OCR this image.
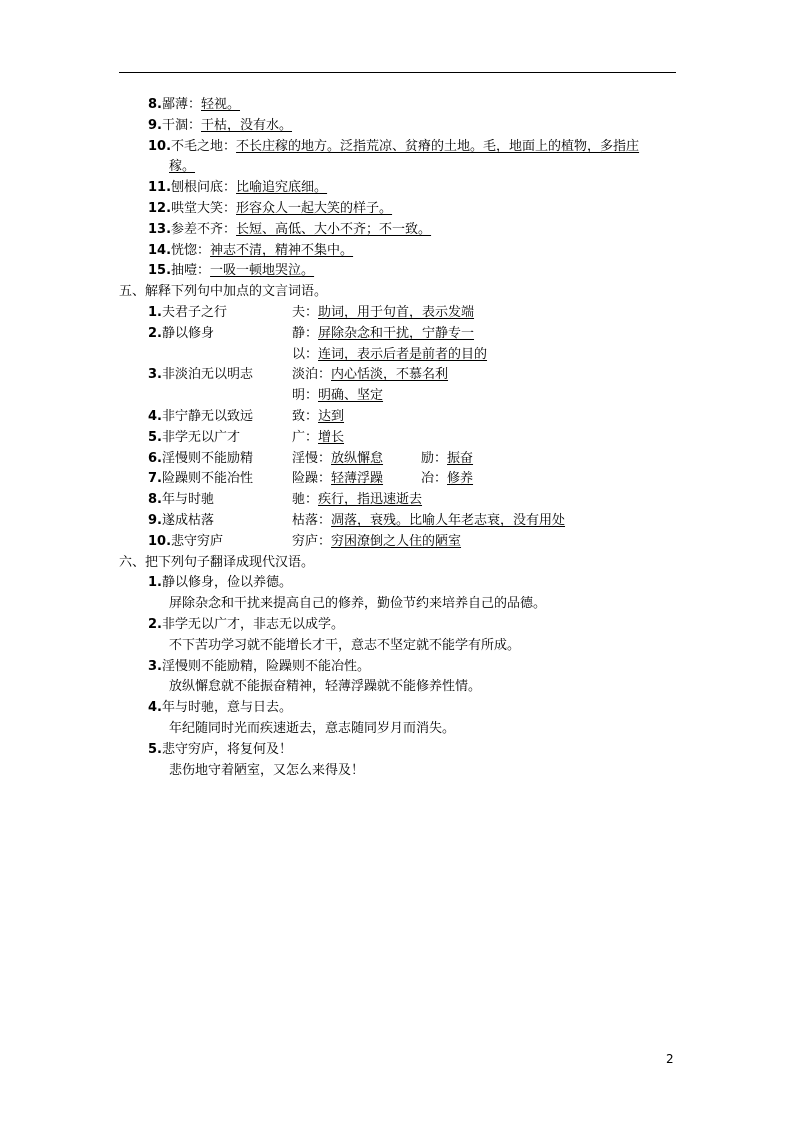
8.鄙薄：轻视。
9.干涸：干枯，没有水。
10.不毛之地：不长庄稼的地方。泛指荒凉、贫瘠的土地。毛，地面上的植物，多指庄
稼。
11.刨根问底：比喻追究底细。
12.哄堂大笑：形容众人一起大笑的样子。
13.参差不齐：长短、高低、大小不齐；不一致。
14.恍惚：神志不清，精神不集中。
15.抽噎：一吸一顿地哭泣。
五、解释下列句中加点的文言词语。
1.夫君子之行	夫：助词，用于句首，表示发端
2.静以修身	静：屏除杂念和干扰，宁静专一
以：连词，表示后者是前者的目的
3.非淡泊无以明志	淡泊：内心恬淡，不慕名利
明：明确、坚定
4.非宁静无以致远	致：达到
5.非学无以广才	广：增长
6.淫慢则不能励精	淫慢：放纵懈怠	励：振奋
7.险躁则不能冶性	险躁：轻薄浮躁	冶：修养
8.年与时驰	驰：疾行，指迅速逝去
9.遂成枯落	枯落：凋落，衰残。比喻人年老志衰，没有用处
10.悲守穷庐	穷庐：穷困潦倒之人住的陋室
六、把下列句子翻译成现代汉语。
1.静以修身，俭以养德。
屏除杂念和干扰来提高自己的修养，勤俭节约来培养自己的品德。
2.非学无以广才，非志无以成学。
不下苦功学习就不能增长才干，意志不坚定就不能学有所成。
3.淫慢则不能励精，险躁则不能冶性。
放纵懈怠就不能振奋精神，轻薄浮躁就不能修养性情。
4.年与时驰，意与日去。
年纪随同时光而疾速逝去，意志随同岁月而消失。
5.悲守穷庐，将复何及！
悲伤地守着陋室，又怎么来得及！
2
